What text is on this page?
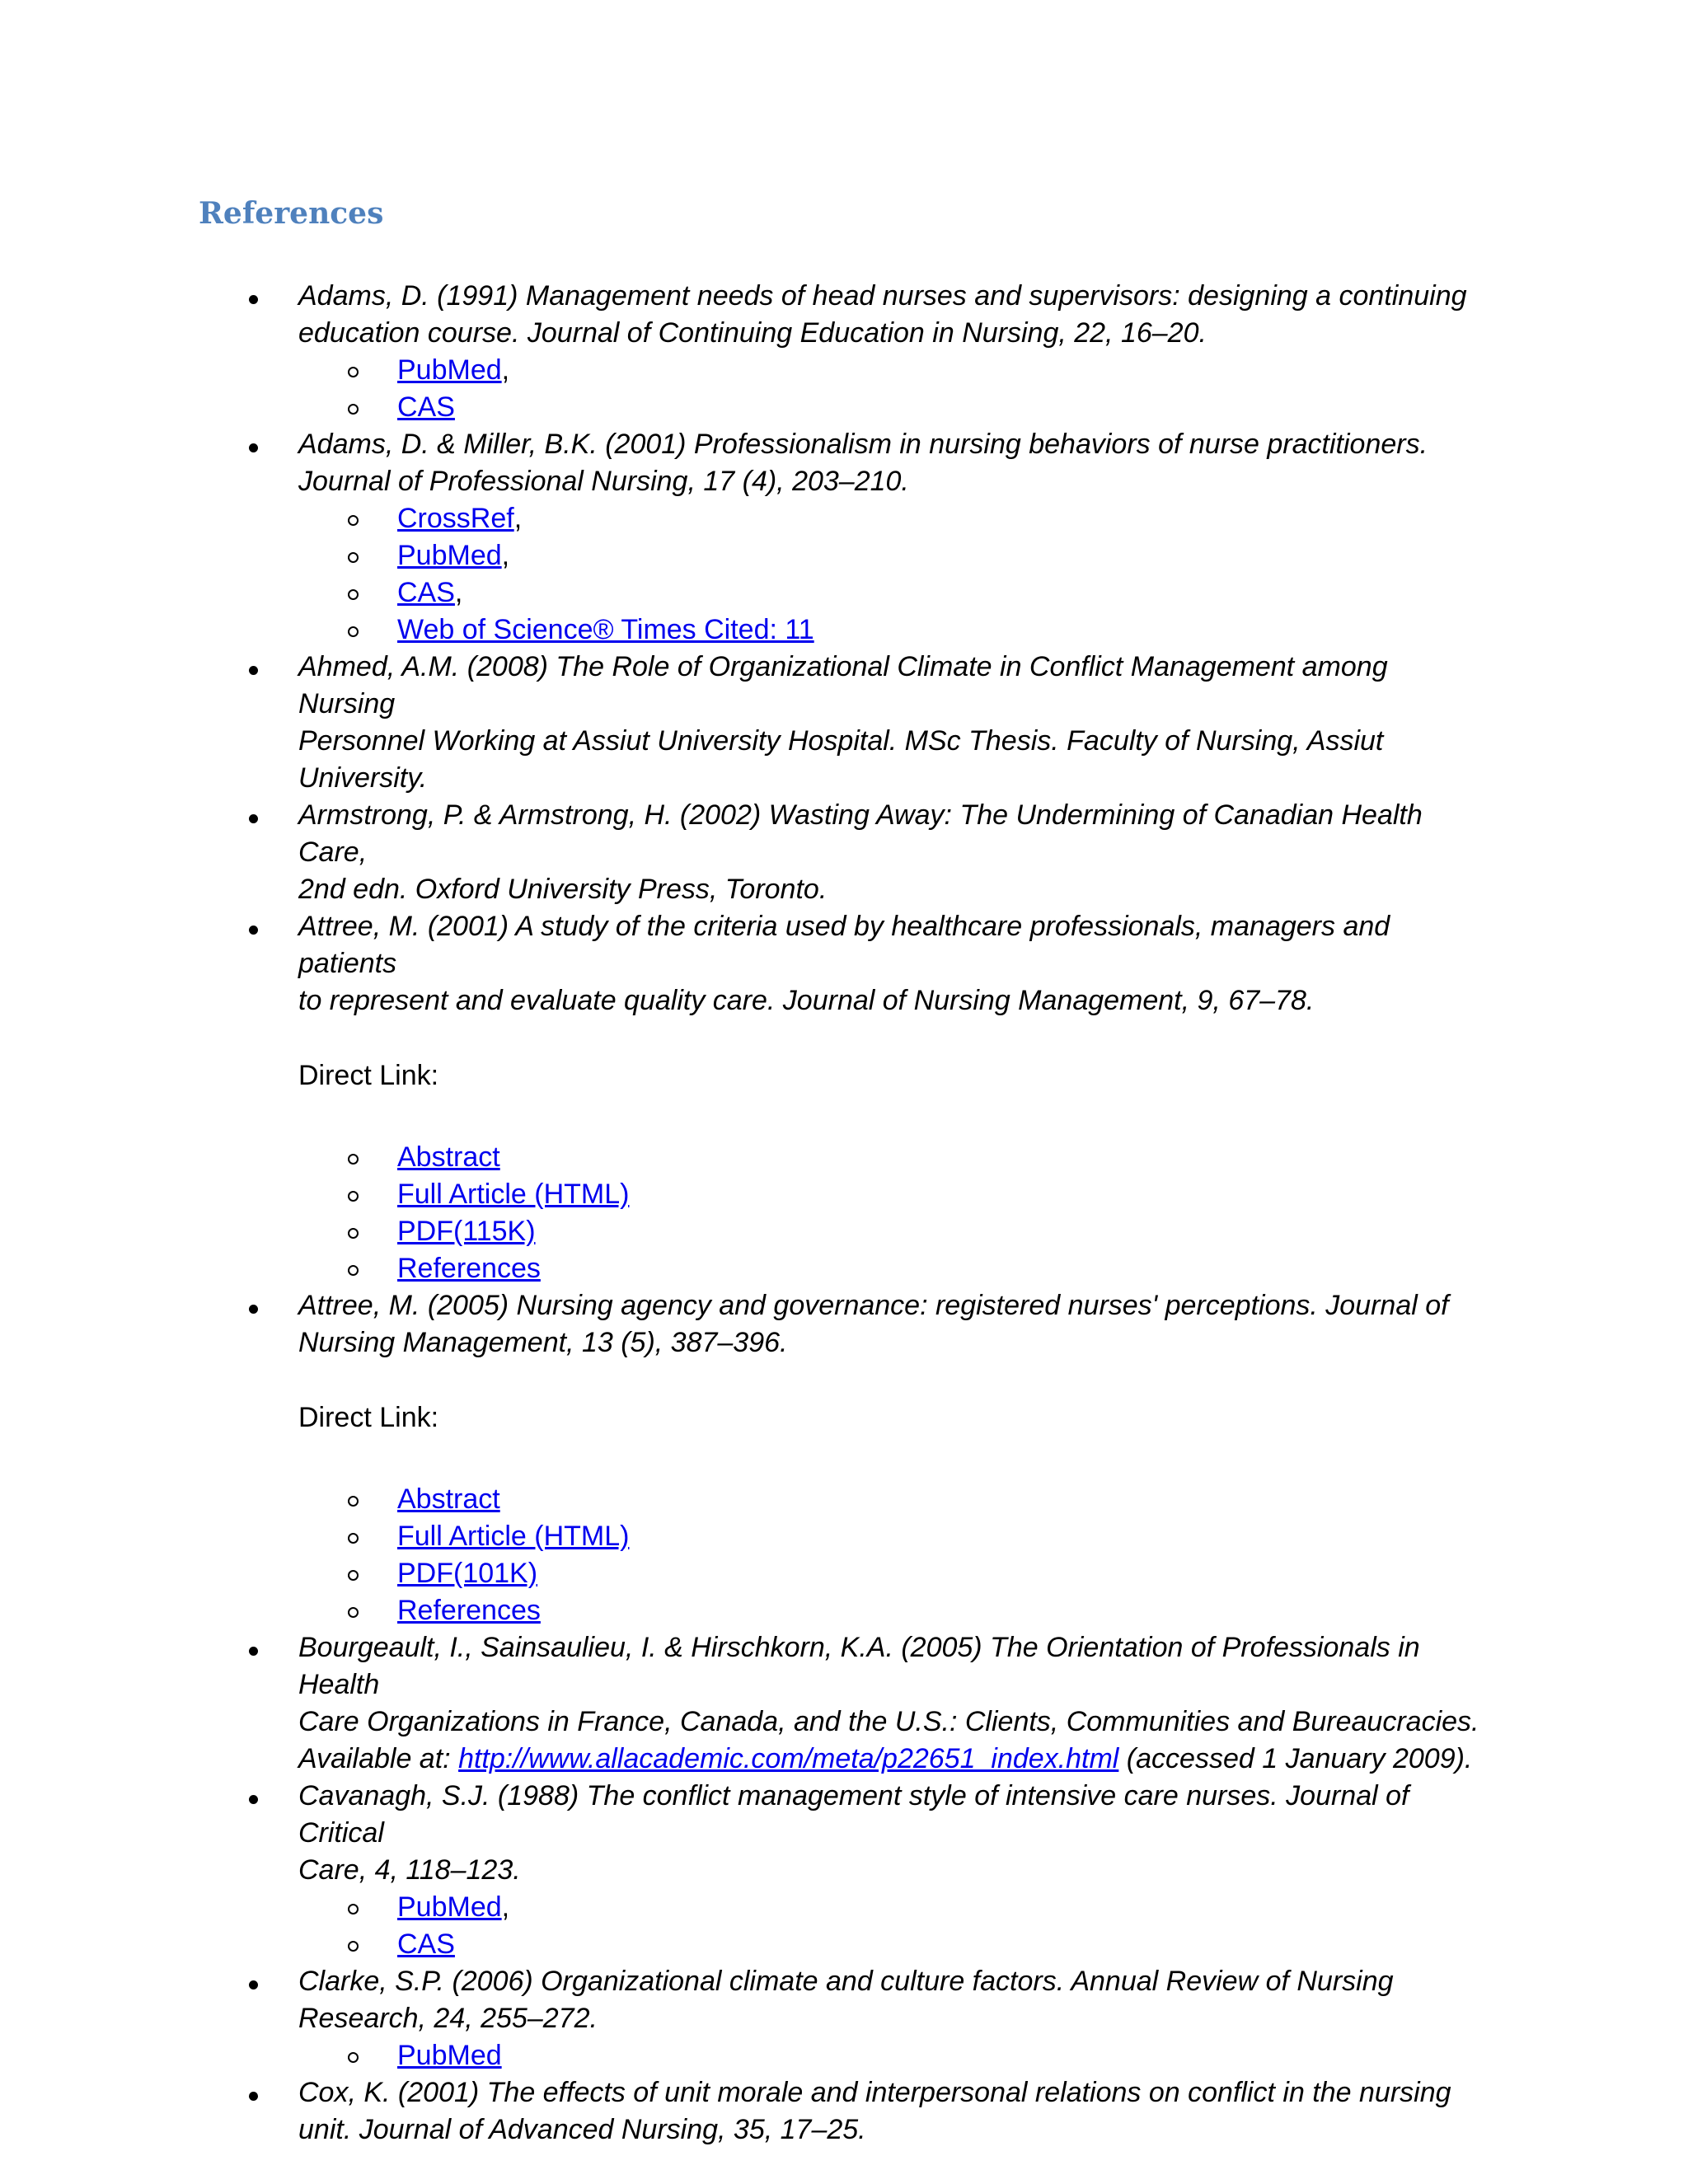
References

Adams, D. (1991) Management needs of head nurses and supervisors: designing a continuing
education course. Journal of Continuing Education in Nursing, 22, 16–20.

PubMed,
CAS

Adams, D. & Miller, B.K. (2001) Professionalism in nursing behaviors of nurse practitioners.
Journal of Professional Nursing, 17 (4), 203–210.

CrossRef,
PubMed,
CAS,
Web of Science® Times Cited: 11

Ahmed, A.M. (2008) The Role of Organizational Climate in Conflict Management among Nursing
Personnel Working at Assiut University Hospital. MSc Thesis. Faculty of Nursing, Assiut
University.

Armstrong, P. & Armstrong, H. (2002) Wasting Away: The Undermining of Canadian Health Care,
2nd edn. Oxford University Press, Toronto.

Attree, M. (2001) A study of the criteria used by healthcare professionals, managers and patients
to represent and evaluate quality care. Journal of Nursing Management, 9, 67–78.

Direct Link:

Abstract
Full Article (HTML)
PDF(115K)
References

Attree, M. (2005) Nursing agency and governance: registered nurses' perceptions. Journal of
Nursing Management, 13 (5), 387–396.

Direct Link:

Abstract
Full Article (HTML)
PDF(101K)
References

Bourgeault, I., Sainsaulieu, I. & Hirschkorn, K.A. (2005) The Orientation of Professionals in Health
Care Organizations in France, Canada, and the U.S.: Clients, Communities and Bureaucracies.
Available at: http://www.allacademic.com/meta/p22651_index.html (accessed 1 January 2009).

Cavanagh, S.J. (1988) The conflict management style of intensive care nurses. Journal of Critical
Care, 4, 118–123.

PubMed,
CAS

Clarke, S.P. (2006) Organizational climate and culture factors. Annual Review of Nursing
Research, 24, 255–272.

PubMed

Cox, K. (2001) The effects of unit morale and interpersonal relations on conflict in the nursing
unit. Journal of Advanced Nursing, 35, 17–25.
